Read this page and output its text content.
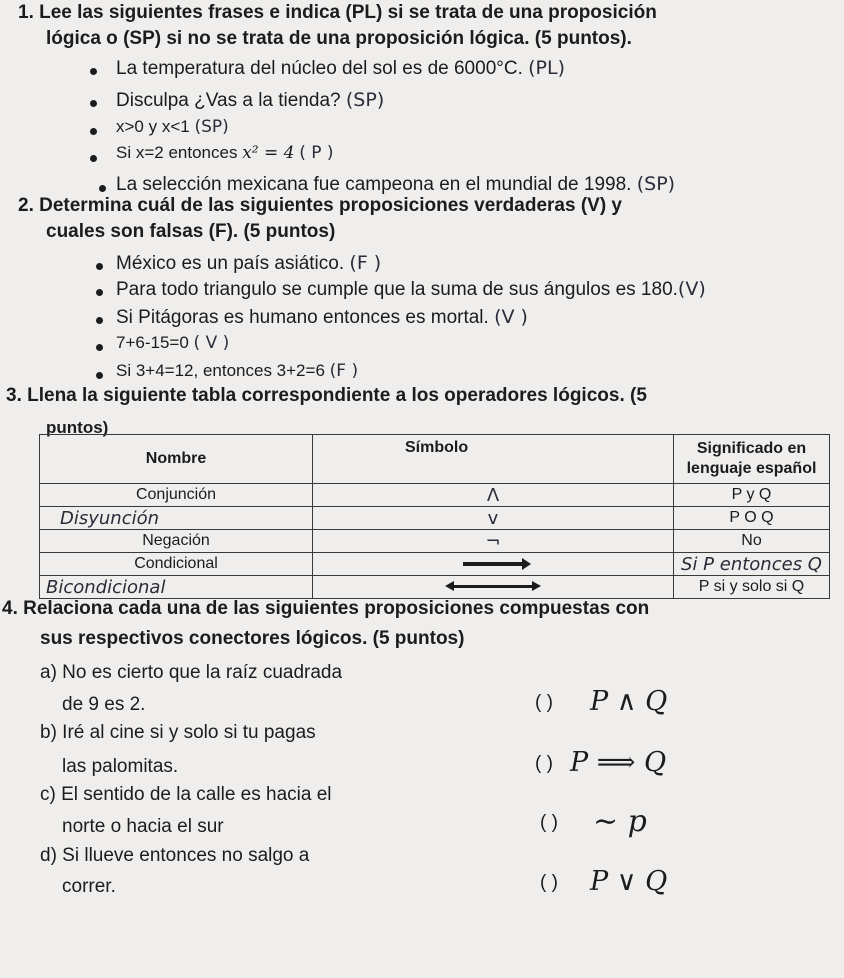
1. Lee las siguientes frases e indica (PL) si se trata de una proposición
lógica o (SP) si no se trata de una proposición lógica. (5 puntos).
La temperatura del núcleo del sol es de 6000°C. (PL)
Disculpa ¿Vas a la tienda? (SP)
x>0 y x<1 (SP)
Si x=2 entonces x² = 4 ( P )
La selección mexicana fue campeona en el mundial de 1998. (SP)
2. Determina cuál de las siguientes proposiciones verdaderas (V) y
cuales son falsas (F). (5 puntos)
México es un país asiático. (F )
Para todo triangulo se cumple que la suma de sus ángulos es 180.(V)
Si Pitágoras es humano entonces es mortal. (V )
7+6-15=0 ( V )
Si 3+4=12, entonces 3+2=6 (F )
3. Llena la siguiente tabla correspondiente a los operadores lógicos. (5
puntos)
Nombre	Símbolo	Significado en lenguaje español
Conjunción	Λ	P y Q
Disyunción	v	P O Q
Negación	¬	No
Condicional		Si P entonces Q
Bicondicional		P si y solo si Q
4. Relaciona cada una de las siguientes proposiciones compuestas con
sus respectivos conectores lógicos. (5 puntos)
a) No es cierto que la raíz cuadrada
de 9 es 2.	( ) P ∧ Q
b) Iré al cine si y solo si tu pagas
las palomitas.	( ) P ⟹ Q
c) El sentido de la calle es hacia el
norte o hacia el sur	( ) ∼ p
d) Si llueve entonces no salgo a
correr.	( ) P ∨ Q
